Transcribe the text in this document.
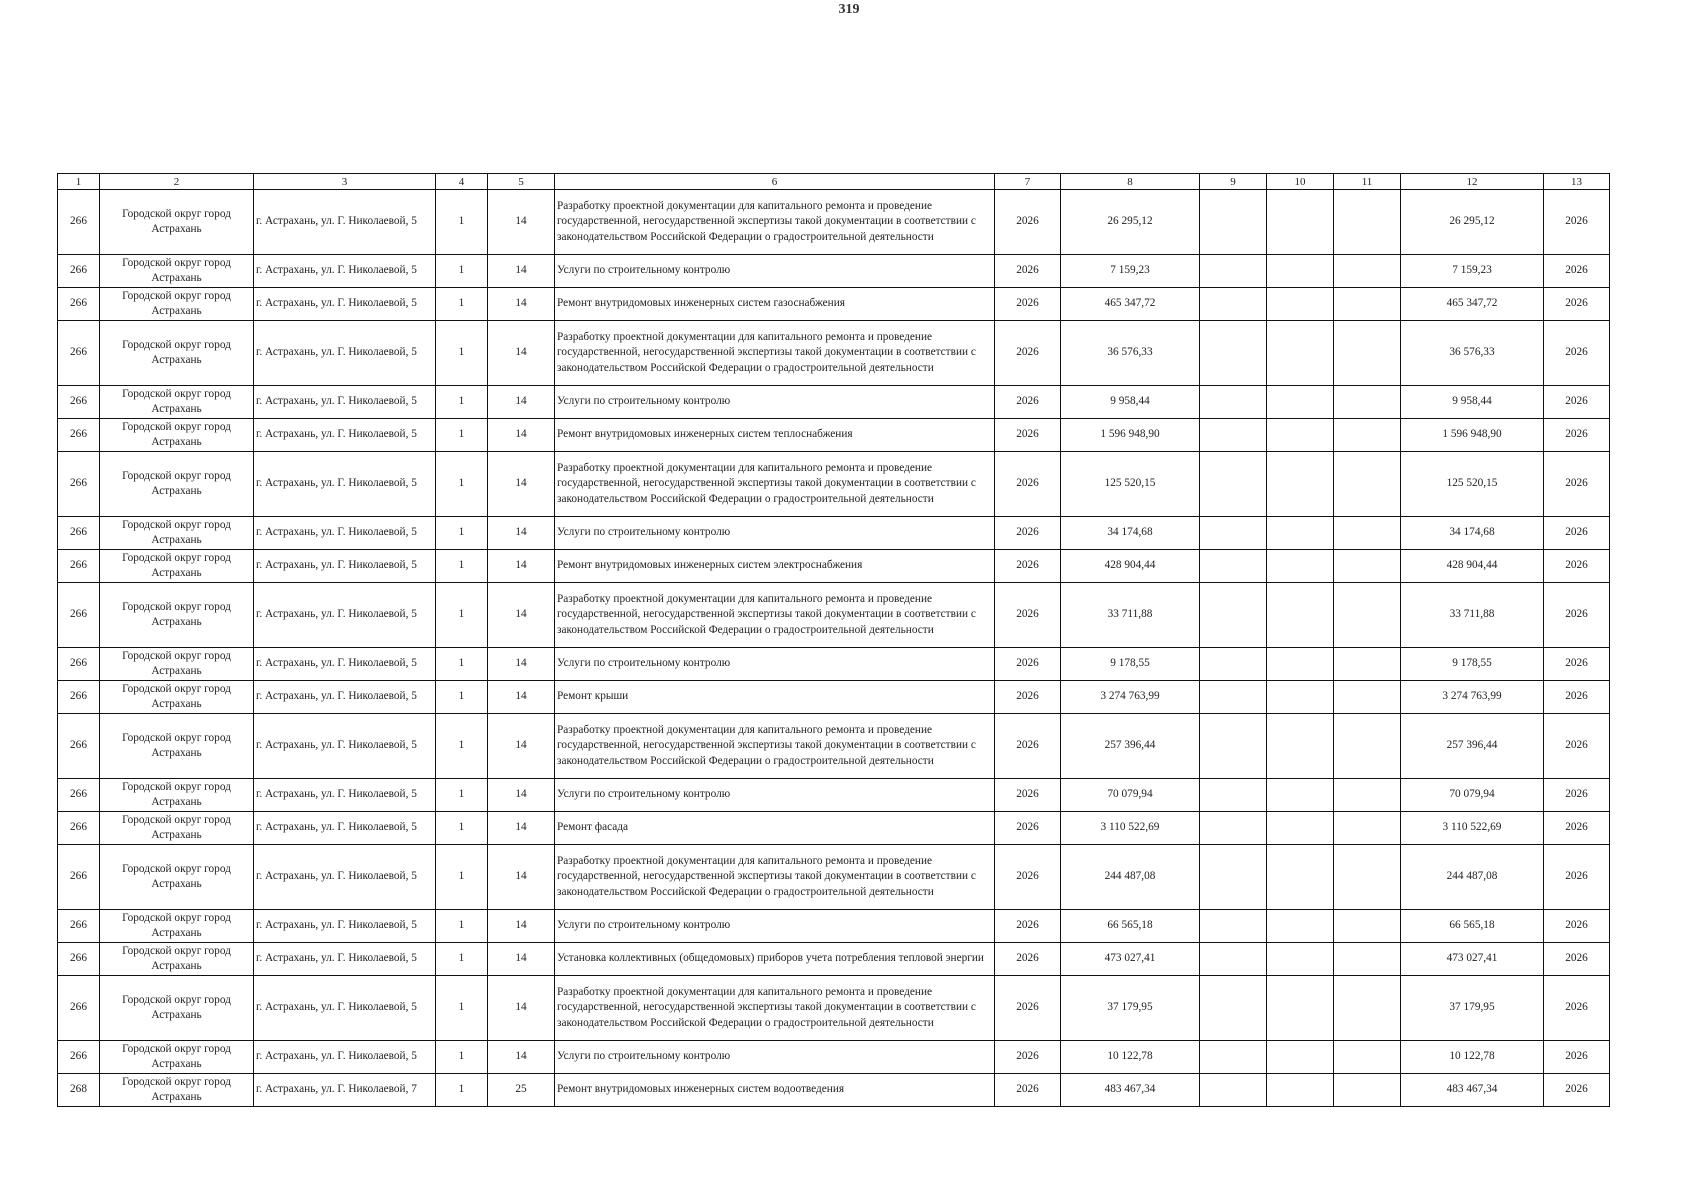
319
1	2	3	4	5	6	7	8	9	10	11	12	13
266	Городской округ город Астрахань	г. Астрахань, ул. Г. Николаевой, 5	1	14	Разработку проектной документации для капитального ремонта и проведение государственной, негосударственной экспертизы такой документации в соответствии с законодательством Российской Федерации о градостроительной деятельности	2026	26 295,12				26 295,12	2026
266	Городской округ город Астрахань	г. Астрахань, ул. Г. Николаевой, 5	1	14	Услуги по строительному контролю	2026	7 159,23				7 159,23	2026
266	Городской округ город Астрахань	г. Астрахань, ул. Г. Николаевой, 5	1	14	Ремонт внутридомовых инженерных систем газоснабжения	2026	465 347,72				465 347,72	2026
266	Городской округ город Астрахань	г. Астрахань, ул. Г. Николаевой, 5	1	14	Разработку проектной документации для капитального ремонта и проведение государственной, негосударственной экспертизы такой документации в соответствии с законодательством Российской Федерации о градостроительной деятельности	2026	36 576,33				36 576,33	2026
266	Городской округ город Астрахань	г. Астрахань, ул. Г. Николаевой, 5	1	14	Услуги по строительному контролю	2026	9 958,44				9 958,44	2026
266	Городской округ город Астрахань	г. Астрахань, ул. Г. Николаевой, 5	1	14	Ремонт внутридомовых инженерных систем теплоснабжения	2026	1 596 948,90				1 596 948,90	2026
266	Городской округ город Астрахань	г. Астрахань, ул. Г. Николаевой, 5	1	14	Разработку проектной документации для капитального ремонта и проведение государственной, негосударственной экспертизы такой документации в соответствии с законодательством Российской Федерации о градостроительной деятельности	2026	125 520,15				125 520,15	2026
266	Городской округ город Астрахань	г. Астрахань, ул. Г. Николаевой, 5	1	14	Услуги по строительному контролю	2026	34 174,68				34 174,68	2026
266	Городской округ город Астрахань	г. Астрахань, ул. Г. Николаевой, 5	1	14	Ремонт внутридомовых инженерных систем электроснабжения	2026	428 904,44				428 904,44	2026
266	Городской округ город Астрахань	г. Астрахань, ул. Г. Николаевой, 5	1	14	Разработку проектной документации для капитального ремонта и проведение государственной, негосударственной экспертизы такой документации в соответствии с законодательством Российской Федерации о градостроительной деятельности	2026	33 711,88				33 711,88	2026
266	Городской округ город Астрахань	г. Астрахань, ул. Г. Николаевой, 5	1	14	Услуги по строительному контролю	2026	9 178,55				9 178,55	2026
266	Городской округ город Астрахань	г. Астрахань, ул. Г. Николаевой, 5	1	14	Ремонт крыши	2026	3 274 763,99				3 274 763,99	2026
266	Городской округ город Астрахань	г. Астрахань, ул. Г. Николаевой, 5	1	14	Разработку проектной документации для капитального ремонта и проведение государственной, негосударственной экспертизы такой документации в соответствии с законодательством Российской Федерации о градостроительной деятельности	2026	257 396,44				257 396,44	2026
266	Городской округ город Астрахань	г. Астрахань, ул. Г. Николаевой, 5	1	14	Услуги по строительному контролю	2026	70 079,94				70 079,94	2026
266	Городской округ город Астрахань	г. Астрахань, ул. Г. Николаевой, 5	1	14	Ремонт фасада	2026	3 110 522,69				3 110 522,69	2026
266	Городской округ город Астрахань	г. Астрахань, ул. Г. Николаевой, 5	1	14	Разработку проектной документации для капитального ремонта и проведение государственной, негосударственной экспертизы такой документации в соответствии с законодательством Российской Федерации о градостроительной деятельности	2026	244 487,08				244 487,08	2026
266	Городской округ город Астрахань	г. Астрахань, ул. Г. Николаевой, 5	1	14	Услуги по строительному контролю	2026	66 565,18				66 565,18	2026
266	Городской округ город Астрахань	г. Астрахань, ул. Г. Николаевой, 5	1	14	Установка коллективных (общедомовых) приборов учета потребления тепловой энергии	2026	473 027,41				473 027,41	2026
266	Городской округ город Астрахань	г. Астрахань, ул. Г. Николаевой, 5	1	14	Разработку проектной документации для капитального ремонта и проведение государственной, негосударственной экспертизы такой документации в соответствии с законодательством Российской Федерации о градостроительной деятельности	2026	37 179,95				37 179,95	2026
266	Городской округ город Астрахань	г. Астрахань, ул. Г. Николаевой, 5	1	14	Услуги по строительному контролю	2026	10 122,78				10 122,78	2026
268	Городской округ город Астрахань	г. Астрахань, ул. Г. Николаевой, 7	1	25	Ремонт внутридомовых инженерных систем водоотведения	2026	483 467,34				483 467,34	2026
